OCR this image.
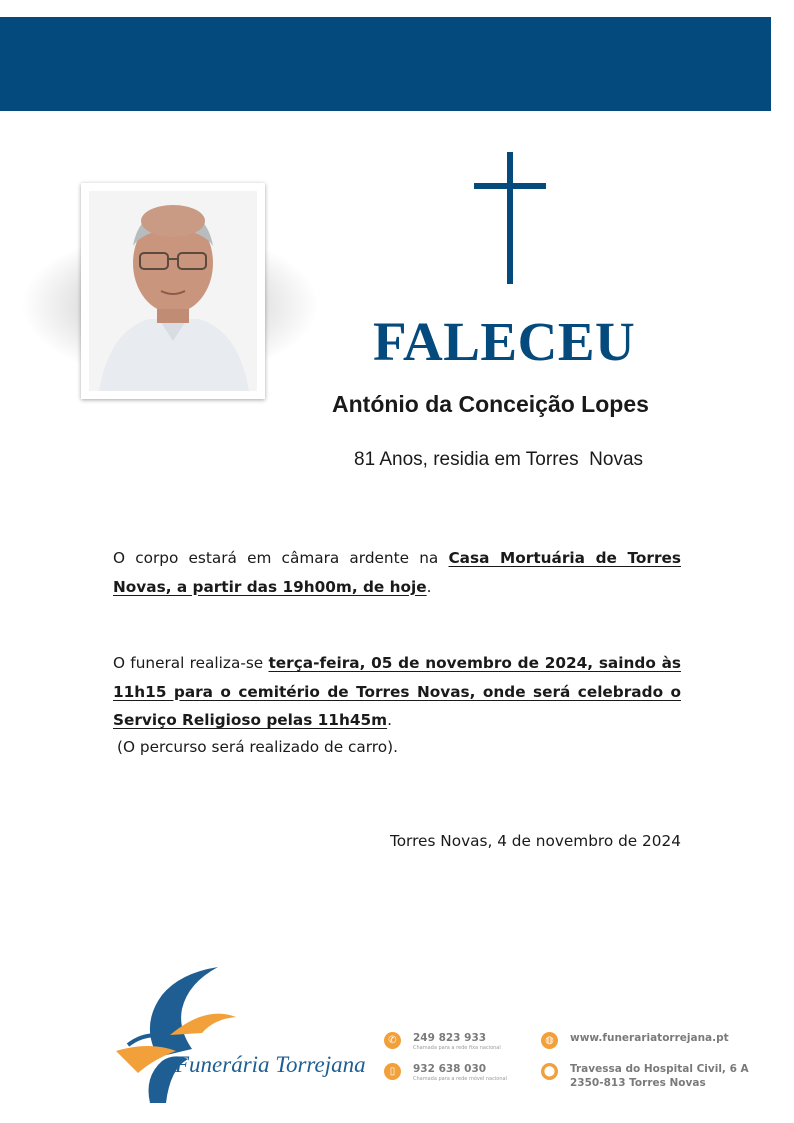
FALECEU
António da Conceição Lopes
81 Anos, residia em Torres  Novas
O corpo estará em câmara ardente na Casa Mortuária de Torres Novas, a partir das 19h00m, de hoje.
O funeral realiza-se terça-feira, 05 de novembro de 2024, saindo às 11h15 para o cemitério de Torres Novas, onde será celebrado o Serviço Religioso pelas 11h45m.
(O percurso será realizado de carro).
Torres Novas, 4 de novembro de 2024
Funerária Torrejana
✆	249 823 933
Chamada para a rede fixa nacional
▯	932 638 030
Chamada para a rede móvel nacional
◍	www.funerariatorrejana.pt
⬤ Travessa do Hospital Civil, 6 A
2350-813 Torres Novas
